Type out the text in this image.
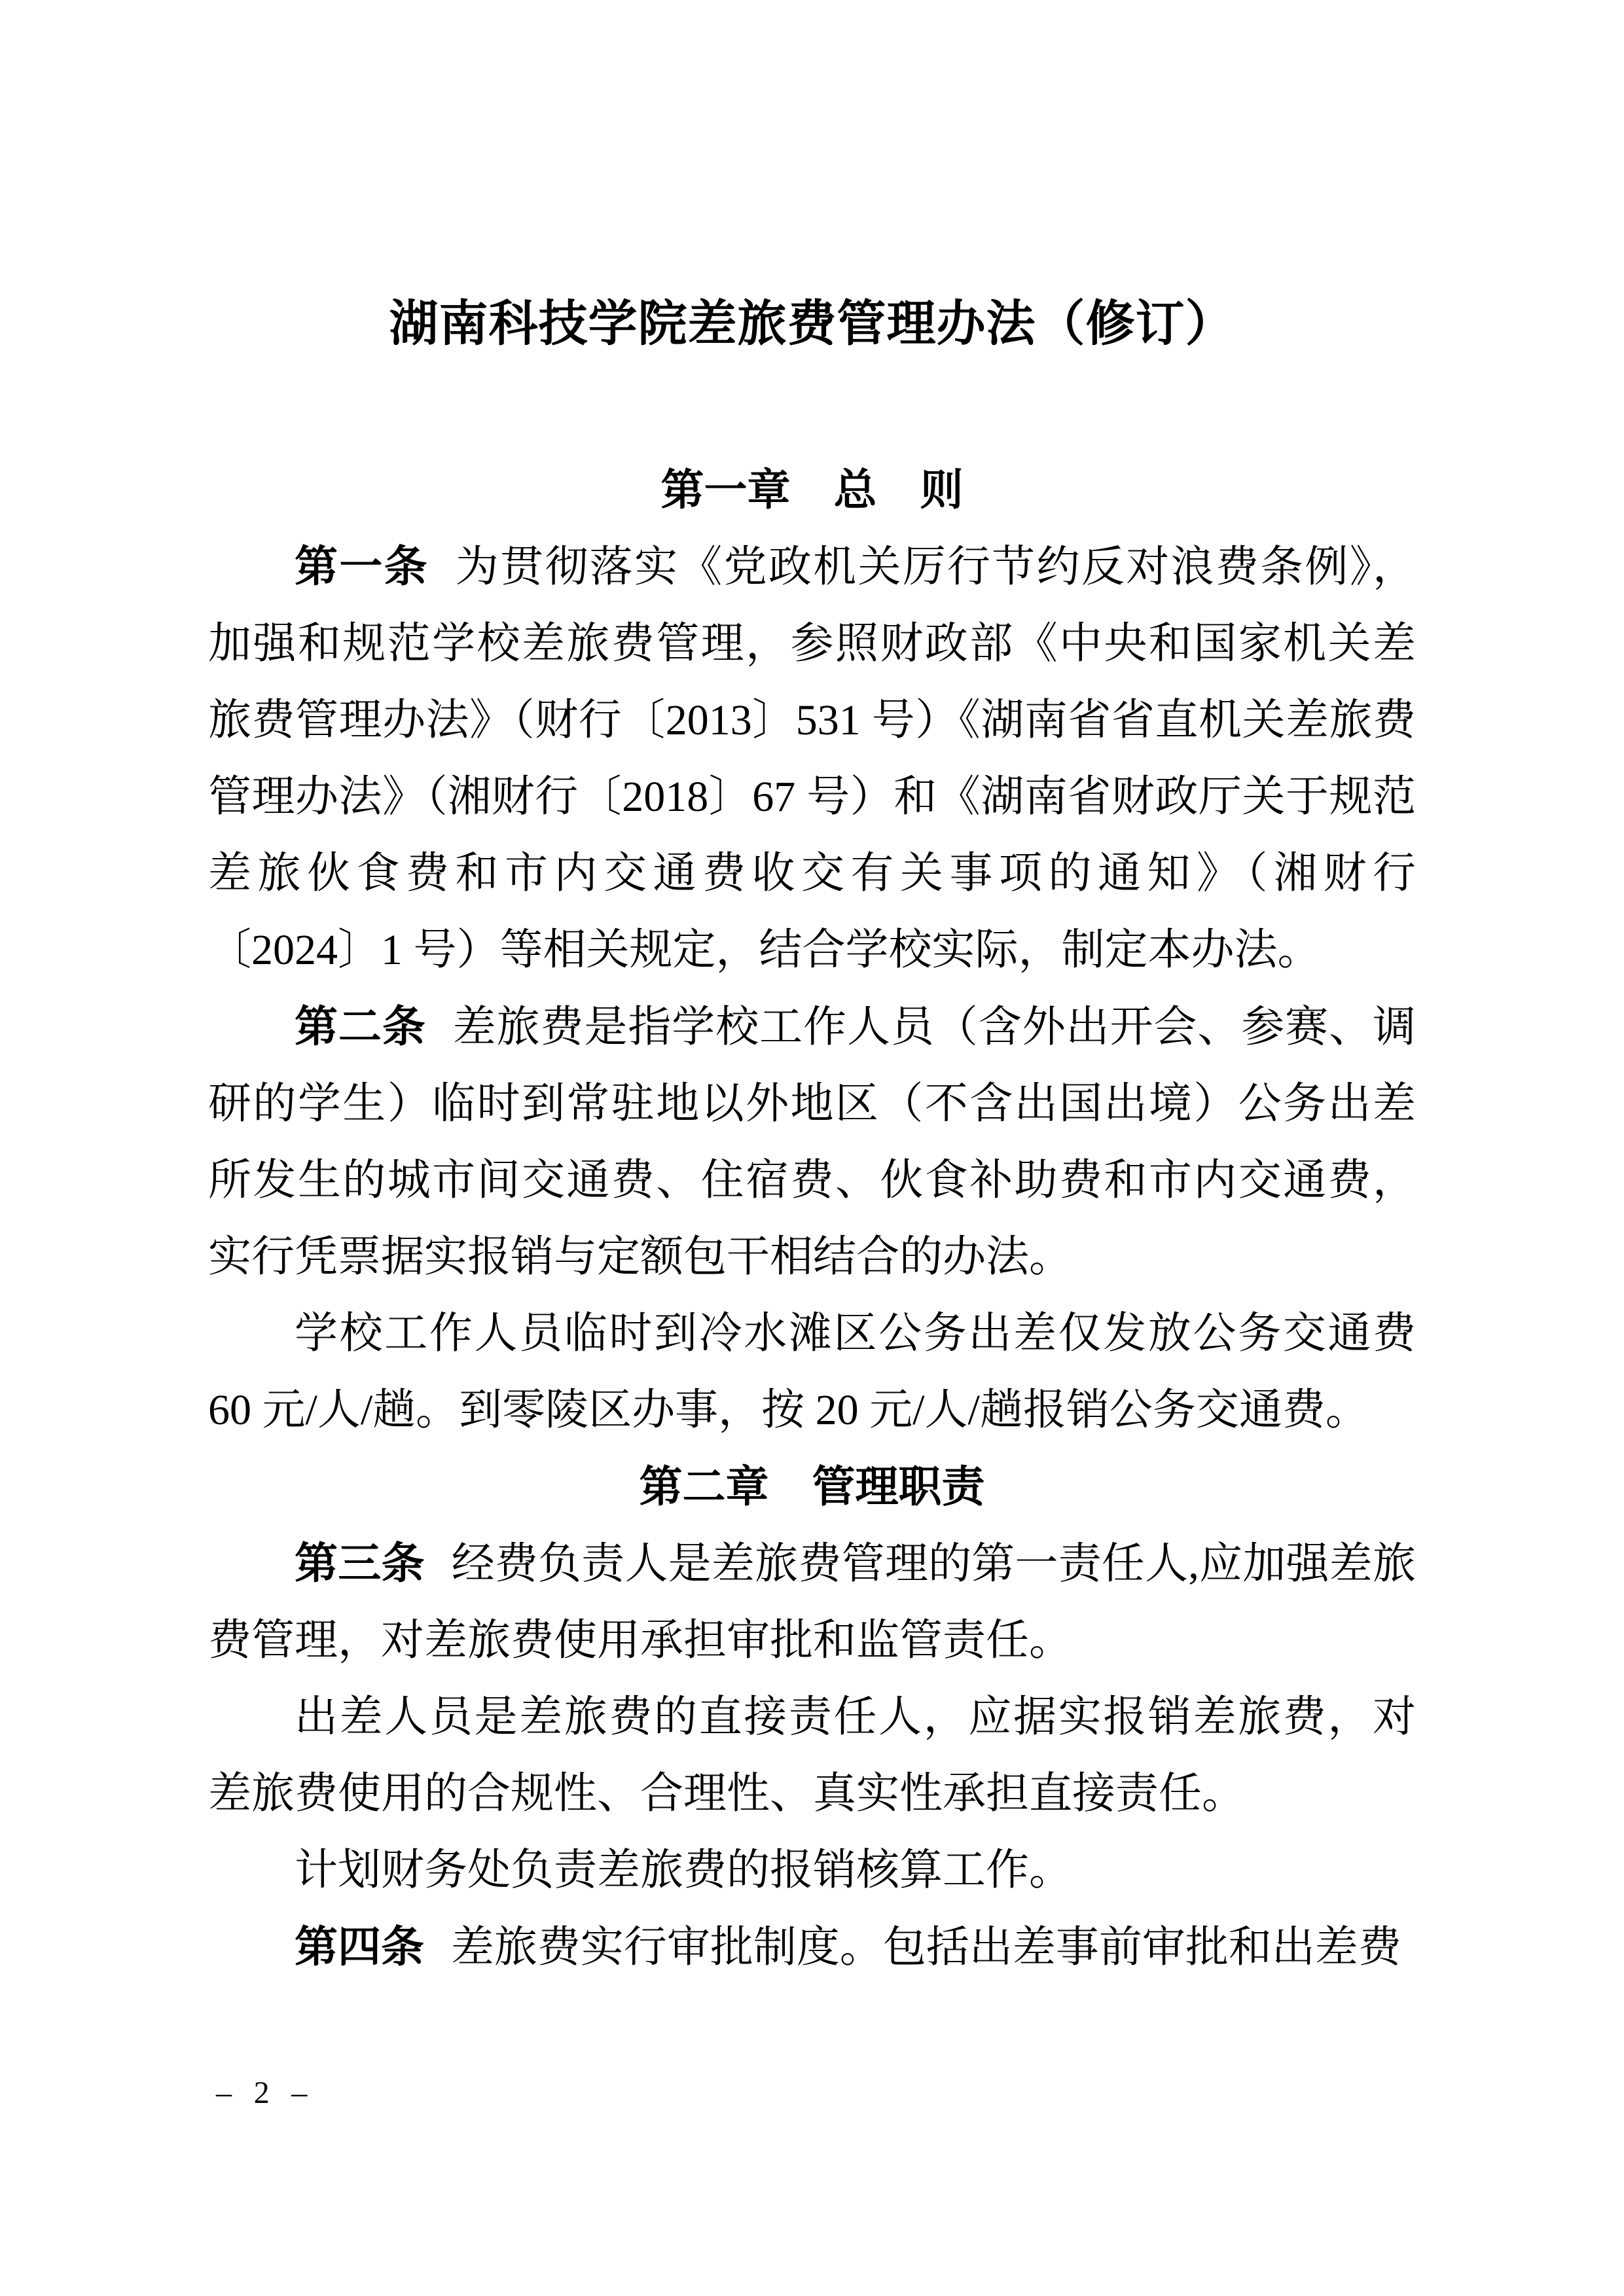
湖南科技学院差旅费管理办法（修订）
第一章　总　则

第一条 为贯彻落实《党政机关厉行节约反对浪费条例》，加强和规范学校差旅费管理，参照财政部《中央和国家机关差旅费管理办法》（财行〔2013〕531 号）《湖南省省直机关差旅费管理办法》（湘财行〔2018〕67 号）和《湖南省财政厅关于规范差旅伙食费和市内交通费收交有关事项的通知》（湘财行〔2024〕1 号）等相关规定，结合学校实际，制定本办法。

第二条 差旅费是指学校工作人员（含外出开会、参赛、调研的学生）临时到常驻地以外地区（不含出国出境）公务出差所发生的城市间交通费、住宿费、伙食补助费和市内交通费，实行凭票据实报销与定额包干相结合的办法。

学校工作人员临时到冷水滩区公务出差仅发放公务交通费 60 元/人/趟。到零陵区办事，按 20 元/人/趟报销公务交通费。

第二章　管理职责

第三条 经费负责人是差旅费管理的第一责任人,应加强差旅费管理，对差旅费使用承担审批和监管责任。

出差人员是差旅费的直接责任人，应据实报销差旅费，对差旅费使用的合规性、合理性、真实性承担直接责任。

计划财务处负责差旅费的报销核算工作。

第四条 差旅费实行审批制度。包括出差事前审批和出差费

– 2 –
